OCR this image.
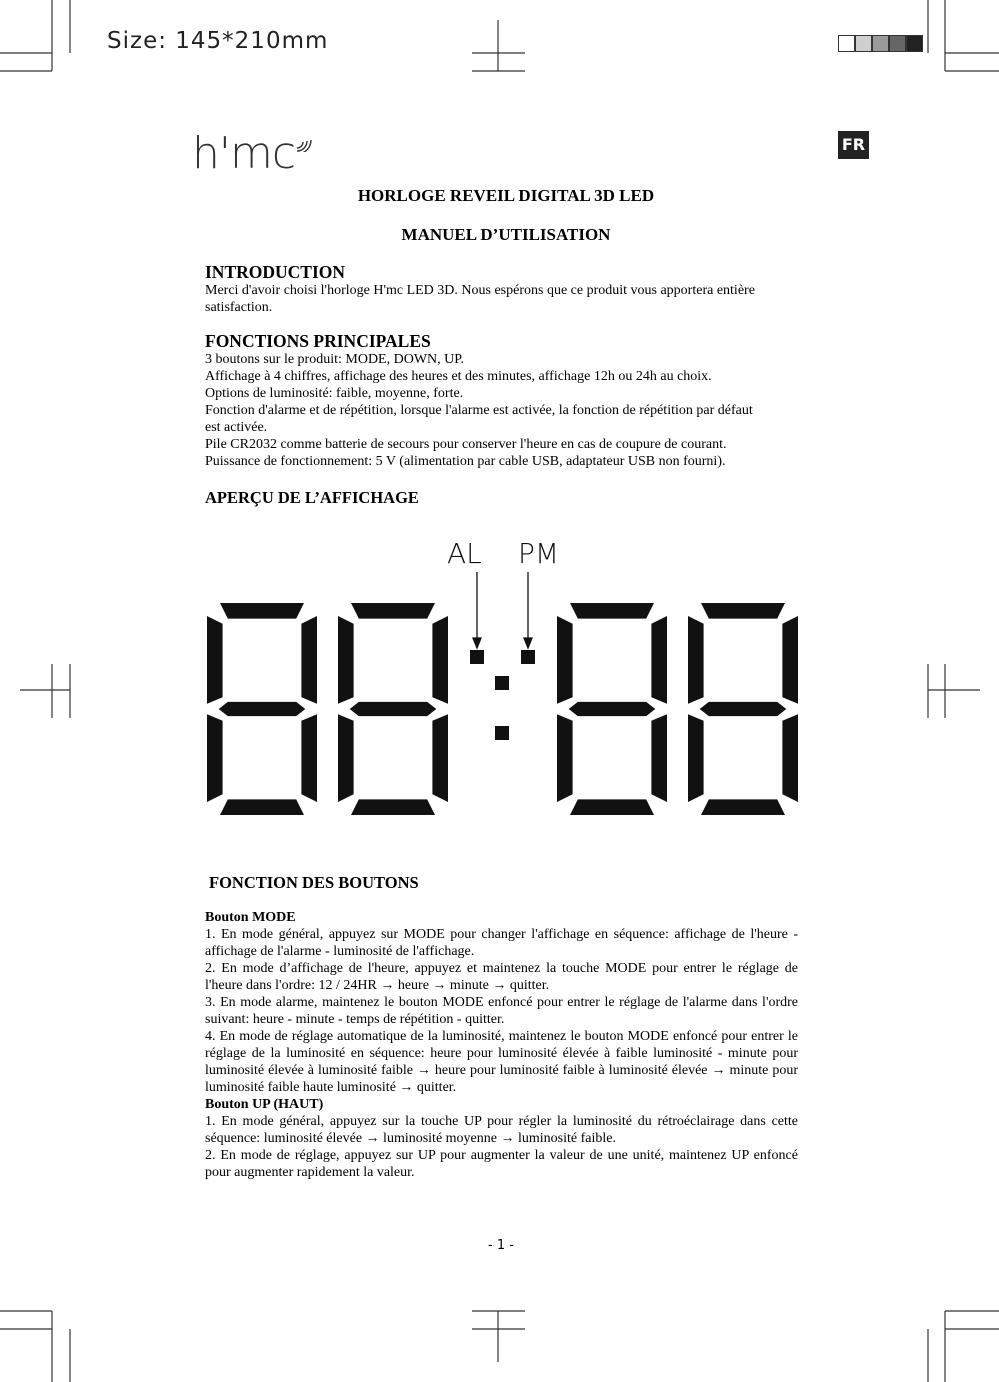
Size: 145*210mm
h'mc	FR
HORLOGE REVEIL DIGITAL 3D LED
MANUEL D’UTILISATION
INTRODUCTION

Merci d'avoir choisi l'horloge H'mc LED 3D. Nous espérons que ce produit vous apportera entière

satisfaction.

FONCTIONS PRINCIPALES

3 boutons sur le produit: MODE, DOWN, UP.

Affichage à 4 chiffres, affichage des heures et des minutes, affichage 12h ou 24h au choix.

Options de luminosité: faible, moyenne, forte.

Fonction d'alarme et de répétition, lorsque l'alarme est activée, la fonction de répétition par défaut

est activée.

Pile CR2032 comme batterie de secours pour conserver l'heure en cas de coupure de courant.

Puissance de fonctionnement: 5 V (alimentation par cable USB, adaptateur USB non fourni).

APERÇU DE L’AFFICHAGE
AL PM
FONCTION DES BOUTONS

Bouton MODE

1. En mode général, appuyez sur MODE pour changer l'affichage en séquence: affichage de l'heure - affichage de l'alarme - luminosité de l'affichage.

2. En mode d’affichage de l'heure, appuyez et maintenez la touche MODE pour entrer le réglage de l'heure dans l'ordre: 12 / 24HR → heure → minute → quitter.

3. En mode alarme, maintenez le bouton MODE enfoncé pour entrer le réglage de l'alarme dans l'ordre suivant: heure - minute - temps de répétition - quitter.

4. En mode de réglage automatique de la luminosité, maintenez le bouton MODE enfoncé pour entrer le réglage de la luminosité en séquence: heure pour luminosité élevée à faible luminosité - minute pour luminosité élevée à luminosité faible → heure pour luminosité faible à luminosité élevée → minute pour luminosité faible haute luminosité → quitter.

Bouton UP (HAUT)

1. En mode général, appuyez sur la touche UP pour régler la luminosité du rétroéclairage dans cette séquence: luminosité élevée → luminosité moyenne → luminosité faible.

2. En mode de réglage, appuyez sur UP pour augmenter la valeur de une unité, maintenez UP enfoncé pour augmenter rapidement la valeur.

- 1 -
